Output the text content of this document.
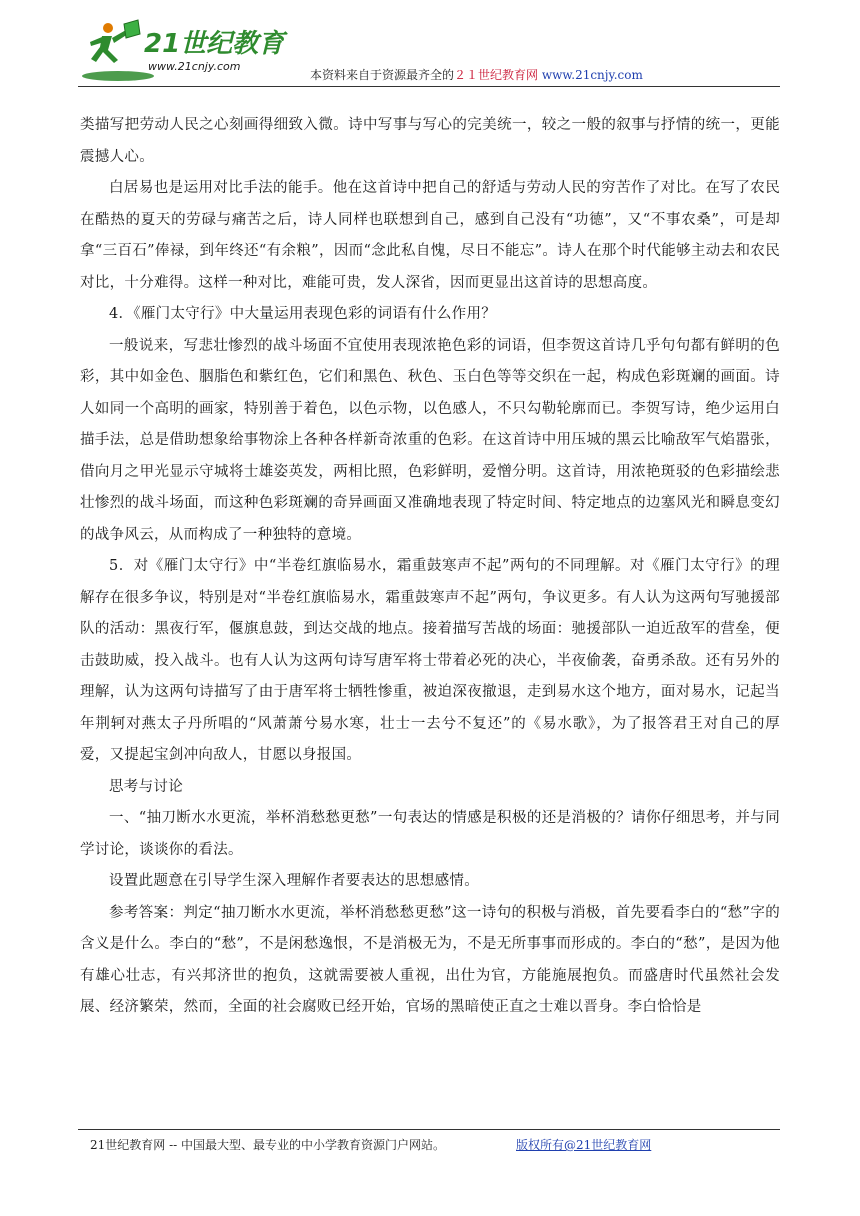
21世纪教育
www.21cnjy.com
本资料来自于资源最齐全的２１世纪教育网 www.21cnjy.com

类描写把劳动人民之心刻画得细致入微。诗中写事与写心的完美统一，较之一般的叙事与抒情的统一，更能震撼人心。

白居易也是运用对比手法的能手。他在这首诗中把自己的舒适与劳动人民的穷苦作了对比。在写了农民在酷热的夏天的劳碌与痛苦之后，诗人同样也联想到自己，感到自己没有“功德”，又“不事农桑”，可是却拿“三百石”俸禄，到年终还“有余粮”，因而“念此私自愧，尽日不能忘”。诗人在那个时代能够主动去和农民对比，十分难得。这样一种对比，难能可贵，发人深省，因而更显出这首诗的思想高度。

4．《雁门太守行》中大量运用表现色彩的词语有什么作用？

一般说来，写悲壮惨烈的战斗场面不宜使用表现浓艳色彩的词语，但李贺这首诗几乎句句都有鲜明的色彩，其中如金色、胭脂色和紫红色，它们和黑色、秋色、玉白色等等交织在一起，构成色彩斑斓的画面。诗人如同一个高明的画家，特别善于着色，以色示物，以色感人，不只勾勒轮廓而已。李贺写诗，绝少运用白描手法，总是借助想象给事物涂上各种各样新奇浓重的色彩。在这首诗中用压城的黑云比喻敌军气焰嚣张，借向月之甲光显示守城将士雄姿英发，两相比照，色彩鲜明，爱憎分明。这首诗，用浓艳斑驳的色彩描绘悲壮惨烈的战斗场面，而这种色彩斑斓的奇异画面又准确地表现了特定时间、特定地点的边塞风光和瞬息变幻的战争风云，从而构成了一种独特的意境。

5．对《雁门太守行》中“半卷红旗临易水，霜重鼓寒声不起”两句的不同理解。对《雁门太守行》的理解存在很多争议，特别是对“半卷红旗临易水，霜重鼓寒声不起”两句，争议更多。有人认为这两句写驰援部队的活动：黑夜行军，偃旗息鼓，到达交战的地点。接着描写苦战的场面：驰援部队一迫近敌军的营垒，便击鼓助威，投入战斗。也有人认为这两句诗写唐军将士带着必死的决心，半夜偷袭，奋勇杀敌。还有另外的理解，认为这两句诗描写了由于唐军将士牺牲惨重，被迫深夜撤退，走到易水这个地方，面对易水，记起当年荆轲对燕太子丹所唱的“风萧萧兮易水寒，壮士一去兮不复还”的《易水歌》，为了报答君王对自己的厚爱，又提起宝剑冲向敌人，甘愿以身报国。

思考与讨论

一、“抽刀断水水更流，举杯消愁愁更愁”一句表达的情感是积极的还是消极的？请你仔细思考，并与同学讨论，谈谈你的看法。

设置此题意在引导学生深入理解作者要表达的思想感情。

参考答案：判定“抽刀断水水更流，举杯消愁愁更愁”这一诗句的积极与消极，首先要看李白的“愁”字的含义是什么。李白的“愁”，不是闲愁逸恨，不是消极无为，不是无所事事而形成的。李白的“愁”，是因为他有雄心壮志，有兴邦济世的抱负，这就需要被人重视，出仕为官，方能施展抱负。而盛唐时代虽然社会发展、经济繁荣，然而，全面的社会腐败已经开始，官场的黑暗使正直之士难以晋身。李白恰恰是

21世纪教育网 -- 中国最大型、最专业的中小学教育资源门户网站。	版权所有@21世纪教育网
